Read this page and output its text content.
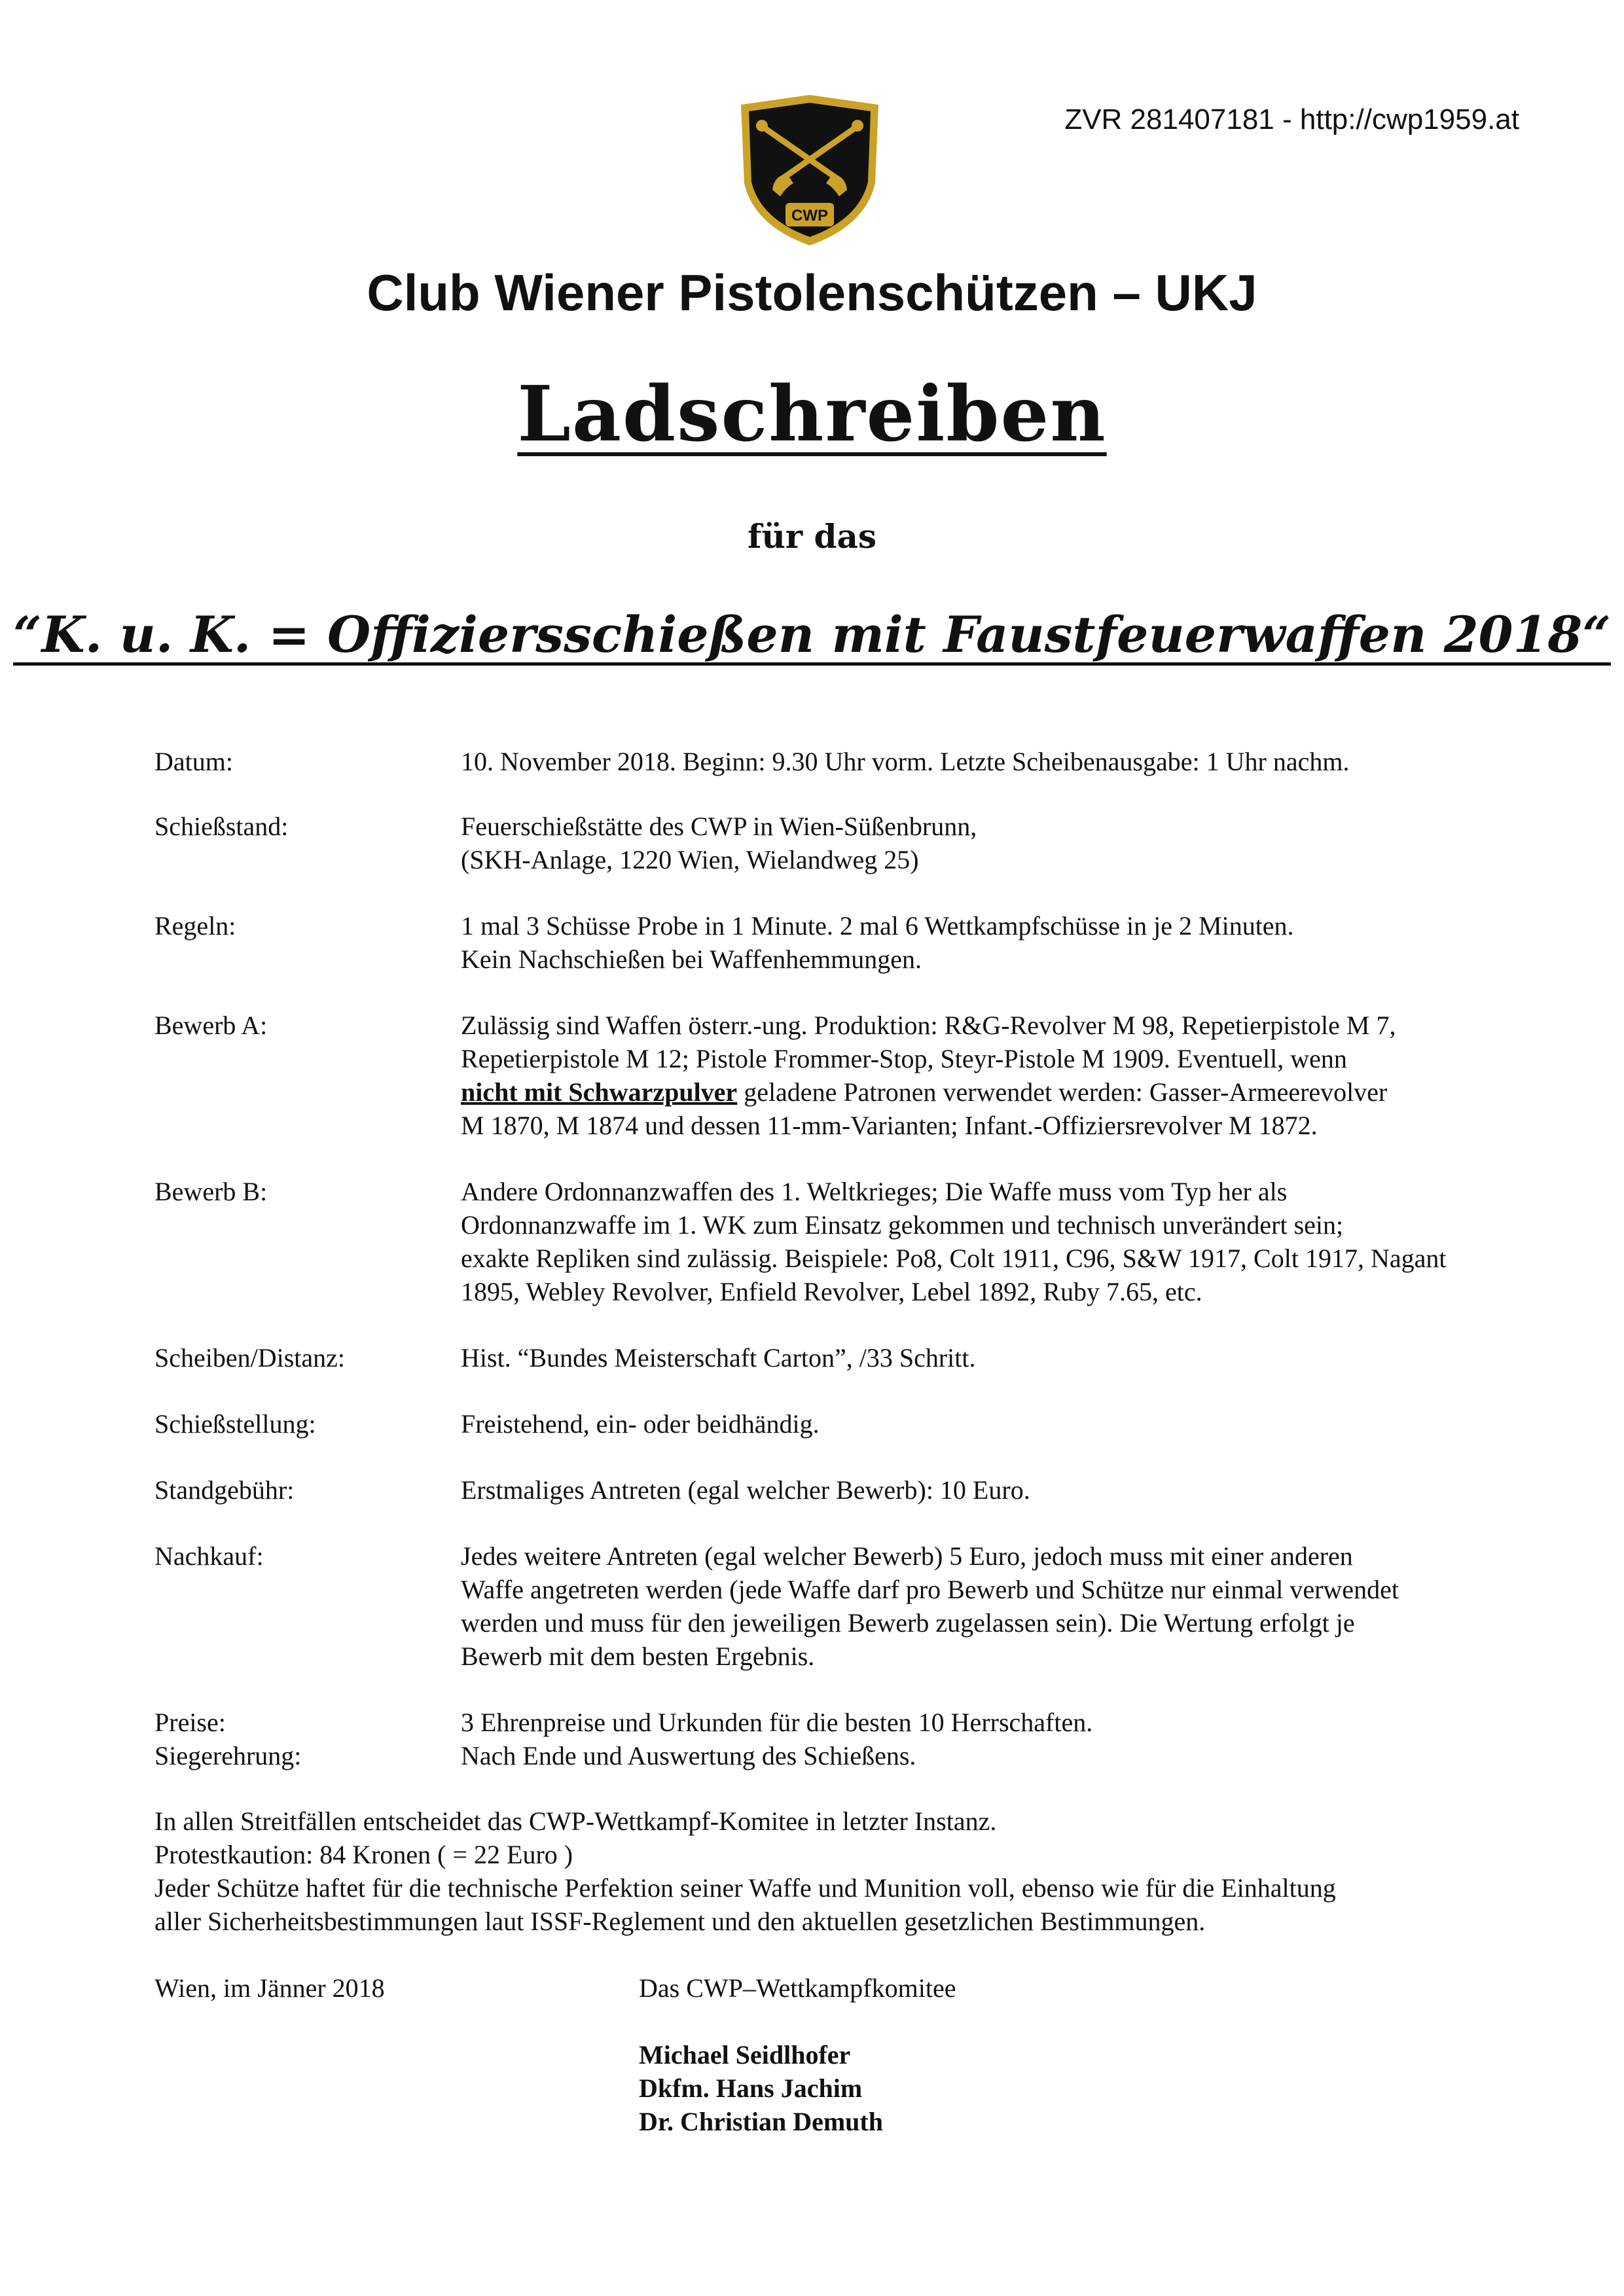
ZVR 281407181 - http://cwp1959.at
CWP
Club Wiener Pistolenschützen – UKJ
Ladschreiben
für das
“K. u. K. = Offiziersschießen mit Faustfeuerwaffen 2018“
Datum:	10. November 2018. Beginn: 9.30 Uhr vorm. Letzte Scheibenausgabe: 1 Uhr nachm.
Schießstand:	Feuerschießstätte des CWP in Wien-Süßenbrunn,
(SKH-Anlage, 1220 Wien, Wielandweg 25)
Regeln:	1 mal 3 Schüsse Probe in 1 Minute. 2 mal 6 Wettkampfschüsse in je 2 Minuten.
Kein Nachschießen bei Waffenhemmungen.
Bewerb A:	Zulässig sind Waffen österr.-ung. Produktion: R&G-Revolver M 98, Repetierpistole M 7,
Repetierpistole M 12; Pistole Frommer-Stop, Steyr-Pistole M 1909. Eventuell, wenn
nicht mit Schwarzpulver geladene Patronen verwendet werden: Gasser-Armeerevolver
M 1870, M 1874 und dessen 11-mm-Varianten; Infant.-Offiziersrevolver M 1872.
Bewerb B:	Andere Ordonnanzwaffen des 1. Weltkrieges; Die Waffe muss vom Typ her als
Ordonnanzwaffe im 1. WK zum Einsatz gekommen und technisch unverändert sein;
exakte Repliken sind zulässig. Beispiele: Po8, Colt 1911, C96, S&W 1917, Colt 1917, Nagant
1895, Webley Revolver, Enfield Revolver, Lebel 1892, Ruby 7.65, etc.
Scheiben/Distanz:	Hist. “Bundes Meisterschaft Carton”, /33 Schritt.
Schießstellung:	Freistehend, ein- oder beidhändig.
Standgebühr:	Erstmaliges Antreten (egal welcher Bewerb): 10 Euro.
Nachkauf:	Jedes weitere Antreten (egal welcher Bewerb) 5 Euro, jedoch muss mit einer anderen
Waffe angetreten werden (jede Waffe darf pro Bewerb und Schütze nur einmal verwendet
werden und muss für den jeweiligen Bewerb zugelassen sein). Die Wertung erfolgt je
Bewerb mit dem besten Ergebnis.
Preise:	3 Ehrenpreise und Urkunden für die besten 10 Herrschaften.
Siegerehrung:	Nach Ende und Auswertung des Schießens.
In allen Streitfällen entscheidet das CWP-Wettkampf-Komitee in letzter Instanz.
Protestkaution: 84 Kronen ( = 22 Euro )
Jeder Schütze haftet für die technische Perfektion seiner Waffe und Munition voll, ebenso wie für die Einhaltung
aller Sicherheitsbestimmungen laut ISSF-Reglement und den aktuellen gesetzlichen Bestimmungen.
Wien, im Jänner 2018	Das CWP–Wettkampfkomitee
Michael Seidlhofer
Dkfm. Hans Jachim
Dr. Christian Demuth
